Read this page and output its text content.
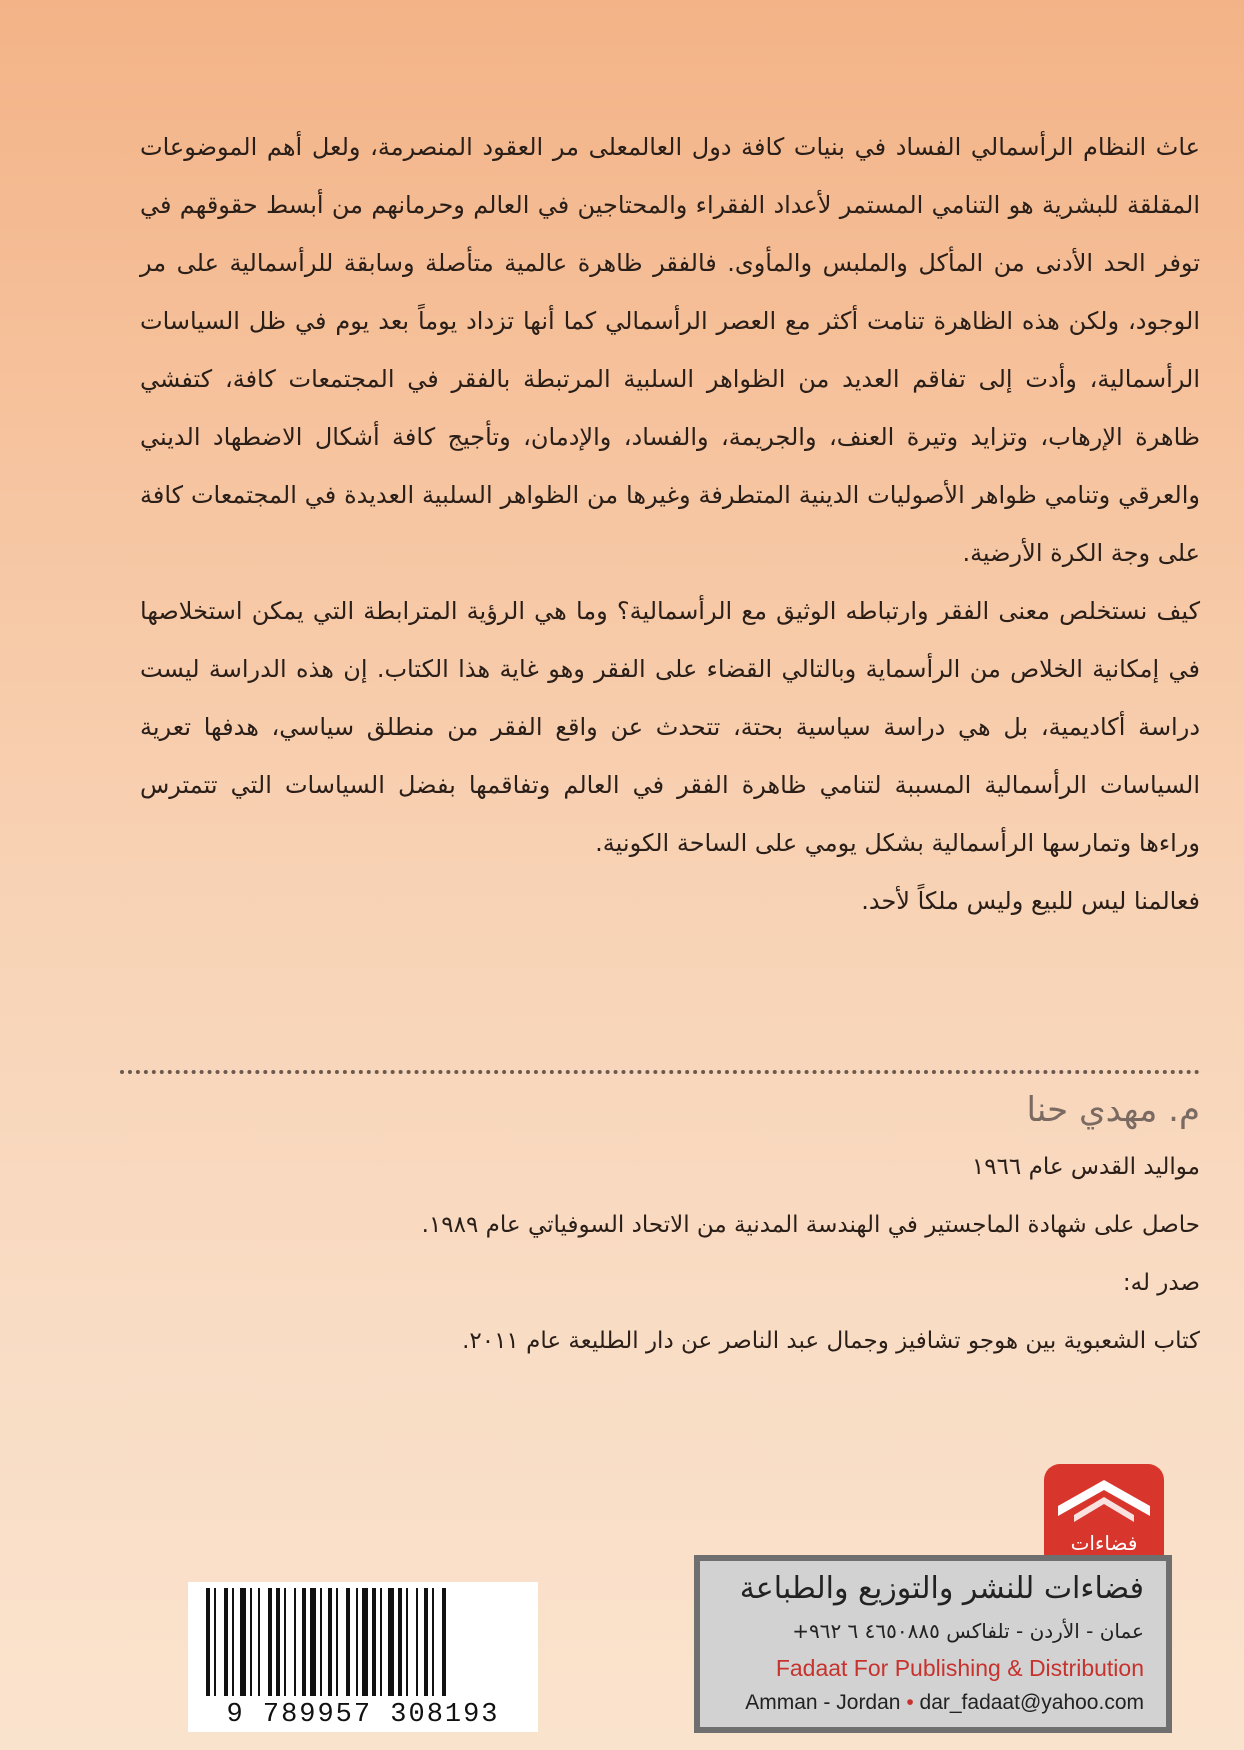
عاث النظام الرأسمالي الفساد في بنيات كافة دول العالمعلى مر العقود المنصرمة، ولعل أهم الموضوعات المقلقة للبشرية هو التنامي المستمر لأعداد الفقراء والمحتاجين في العالم وحرمانهم من أبسط حقوقهم في توفر الحد الأدنى من المأكل والملبس والمأوى. فالفقر ظاهرة عالمية متأصلة وسابقة للرأسمالية على مر الوجود، ولكن هذه الظاهرة تنامت أكثر مع العصر الرأسمالي كما أنها تزداد يوماً بعد يوم في ظل السياسات الرأسمالية، وأدت إلى تفاقم العديد من الظواهر السلبية المرتبطة بالفقر في المجتمعات كافة، كتفشي ظاهرة الإرهاب، وتزايد وتيرة العنف، والجريمة، والفساد، والإدمان، وتأجيج كافة أشكال الاضطهاد الديني والعرقي وتنامي ظواهر الأصوليات الدينية المتطرفة وغيرها من الظواهر السلبية العديدة في المجتمعات كافة على وجة الكرة الأرضية.

كيف نستخلص معنى الفقر وارتباطه الوثيق مع الرأسمالية؟ وما هي الرؤية المترابطة التي يمكن استخلاصها في إمكانية الخلاص من الرأسماية وبالتالي القضاء على الفقر وهو غاية هذا الكتاب. إن هذه الدراسة ليست دراسة أكاديمية، بل هي دراسة سياسية بحتة، تتحدث عن واقع الفقر من منطلق سياسي، هدفها تعرية السياسات الرأسمالية المسببة لتنامي ظاهرة الفقر في العالم وتفاقمها بفضل السياسات التي تتمترس وراءها وتمارسها الرأسمالية بشكل يومي على الساحة الكونية.

فعالمنا ليس للبيع وليس ملكاً لأحد.

م. مهدي حنا

مواليد القدس عام ١٩٦٦

حاصل على شهادة الماجستير في الهندسة المدنية من الاتحاد السوفياتي عام ١٩٨٩.

صدر له:

كتاب الشعبوية بين هوجو تشافيز وجمال عبد الناصر عن دار الطليعة عام ٢٠١١.

فضاءات

فضاءات للنشر والتوزيع والطباعة

عمان - الأردن - تلفاكس ٤٦٥٠٨٨٥ ٦ ٩٦٢+

Fadaat For Publishing & Distribution

Amman - Jordan • dar_fadaat@yahoo.com

9 789957 308193
